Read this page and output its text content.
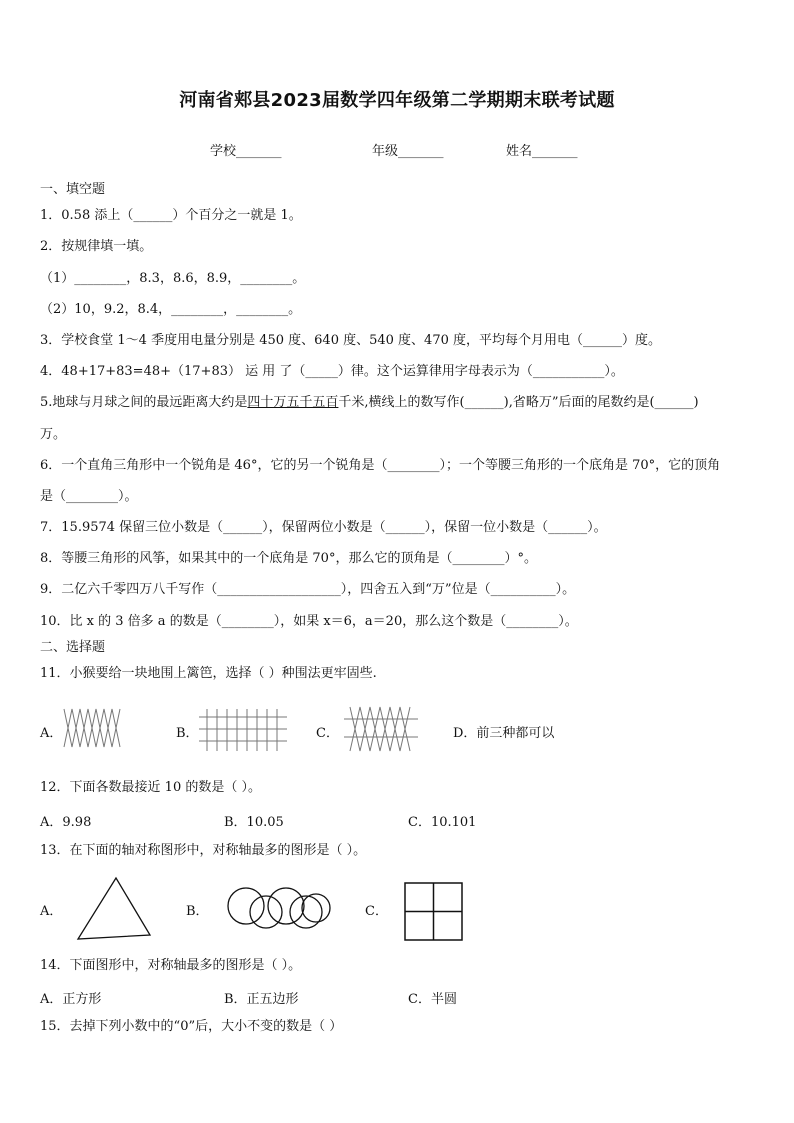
河南省郏县2023届数学四年级第二学期期末联考试题
学校_______	年级_______	姓名_______
一、填空题
1．0.58 添上（______）个百分之一就是 1。
2．按规律填一填。
（1）________，8.3，8.6，8.9，________。
（2）10，9.2，8.4，________，________。
3．学校食堂 1～4 季度用电量分别是 450 度、640 度、540 度、470 度，平均每个月用电（______）度。
4．48+17+83=48+（17+83） 运 用 了（_____）律。这个运算律用字母表示为（___________）。
5.地球与月球之间的最远距离大约是四十万五千五百千米,横线上的数写作(______),省略万”后面的尾数约是(______)
万。
6．一个直角三角形中一个锐角是 46°，它的另一个锐角是（________）；一个等腰三角形的一个底角是 70°，它的顶角
是（________）。
7．15.9574 保留三位小数是（______），保留两位小数是（______），保留一位小数是（______）。
8．等腰三角形的风筝，如果其中的一个底角是 70°，那么它的顶角是（________）°。
9．二亿六千零四万八千写作（___________________），四舍五入到“万”位是（__________）。
10．比 x 的 3 倍多 a 的数是（________），如果 x＝6，a＝20，那么这个数是（________）。
二、选择题
11．小猴要给一块地围上篱笆，选择（ ）种围法更牢固些.
A．	B．	C．	D．前三种都可以
12．下面各数最接近 10 的数是（ ）。
A．9.98	B．10.05	C．10.101
13．在下面的轴对称图形中，对称轴最多的图形是（ ）。
A．	B．	C．
14．下面图形中，对称轴最多的图形是（ ）。
A．正方形	B．正五边形	C．半圆
15．去掉下列小数中的“0”后，大小不变的数是（ ）
